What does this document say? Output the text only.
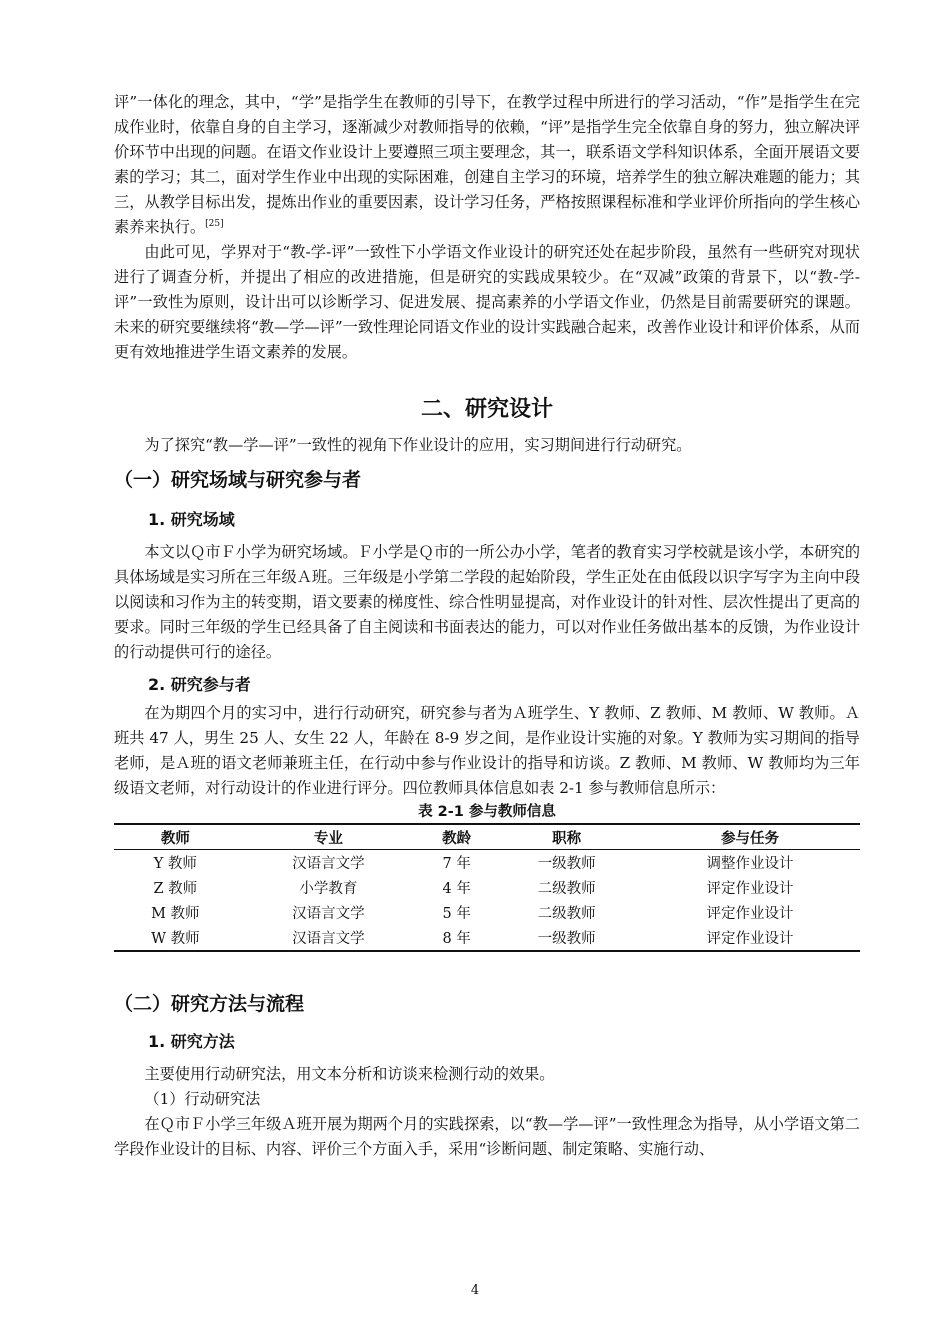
评”一体化的理念，其中，“学”是指学生在教师的引导下，在教学过程中所进行的学习活动，“作”是指学生在完成作业时，依靠自身的自主学习，逐渐减少对教师指导的依赖，“评”是指学生完全依靠自身的努力，独立解决评价环节中出现的问题。在语文作业设计上要遵照三项主要理念，其一，联系语文学科知识体系，全面开展语文要素的学习；其二，面对学生作业中出现的实际困难，创建自主学习的环境，培养学生的独立解决难题的能力；其三，从教学目标出发，提炼出作业的重要因素，设计学习任务，严格按照课程标准和学业评价所指向的学生核心素养来执行。[25]

由此可见，学界对于“教-学-评”一致性下小学语文作业设计的研究还处在起步阶段，虽然有一些研究对现状进行了调查分析，并提出了相应的改进措施，但是研究的实践成果较少。在“双减”政策的背景下，以“教-学-评”一致性为原则，设计出可以诊断学习、促进发展、提高素养的小学语文作业，仍然是目前需要研究的课题。未来的研究要继续将“教—学—评”一致性理论同语文作业的设计实践融合起来，改善作业设计和评价体系，从而更有效地推进学生语文素养的发展。

二、研究设计

为了探究“教—学—评”一致性的视角下作业设计的应用，实习期间进行行动研究。

（一）研究场域与研究参与者
1. 研究场域

本文以Ｑ市Ｆ小学为研究场域。Ｆ小学是Ｑ市的一所公办小学，笔者的教育实习学校就是该小学，本研究的具体场域是实习所在三年级Ａ班。三年级是小学第二学段的起始阶段，学生正处在由低段以识字写字为主向中段以阅读和习作为主的转变期，语文要素的梯度性、综合性明显提高，对作业设计的针对性、层次性提出了更高的要求。同时三年级的学生已经具备了自主阅读和书面表达的能力，可以对作业任务做出基本的反馈，为作业设计的行动提供可行的途径。

2. 研究参与者

在为期四个月的实习中，进行行动研究，研究参与者为Ａ班学生、Y 教师、Z 教师、M 教师、W 教师。Ａ班共 47 人，男生 25 人、女生 22 人，年龄在 8-9 岁之间，是作业设计实施的对象。Y 教师为实习期间的指导老师，是Ａ班的语文老师兼班主任，在行动中参与作业设计的指导和访谈。Z 教师、M 教师、W 教师均为三年级语文老师，对行动设计的作业进行评分。四位教师具体信息如表 2-1 参与教师信息所示：

表 2-1 参与教师信息
教师	专业	教龄	职称	参与任务
Y 教师	汉语言文学	7 年	一级教师	调整作业设计
Z 教师	小学教育	4 年	二级教师	评定作业设计
M 教师	汉语言文学	5 年	二级教师	评定作业设计
W 教师	汉语言文学	8 年	一级教师	评定作业设计
（二）研究方法与流程
1. 研究方法

主要使用行动研究法，用文本分析和访谈来检测行动的效果。

（1）行动研究法

在Ｑ市Ｆ小学三年级Ａ班开展为期两个月的实践探索，以“教—学—评”一致性理念为指导，从小学语文第二学段作业设计的目标、内容、评价三个方面入手，采用“诊断问题、制定策略、实施行动、

4
